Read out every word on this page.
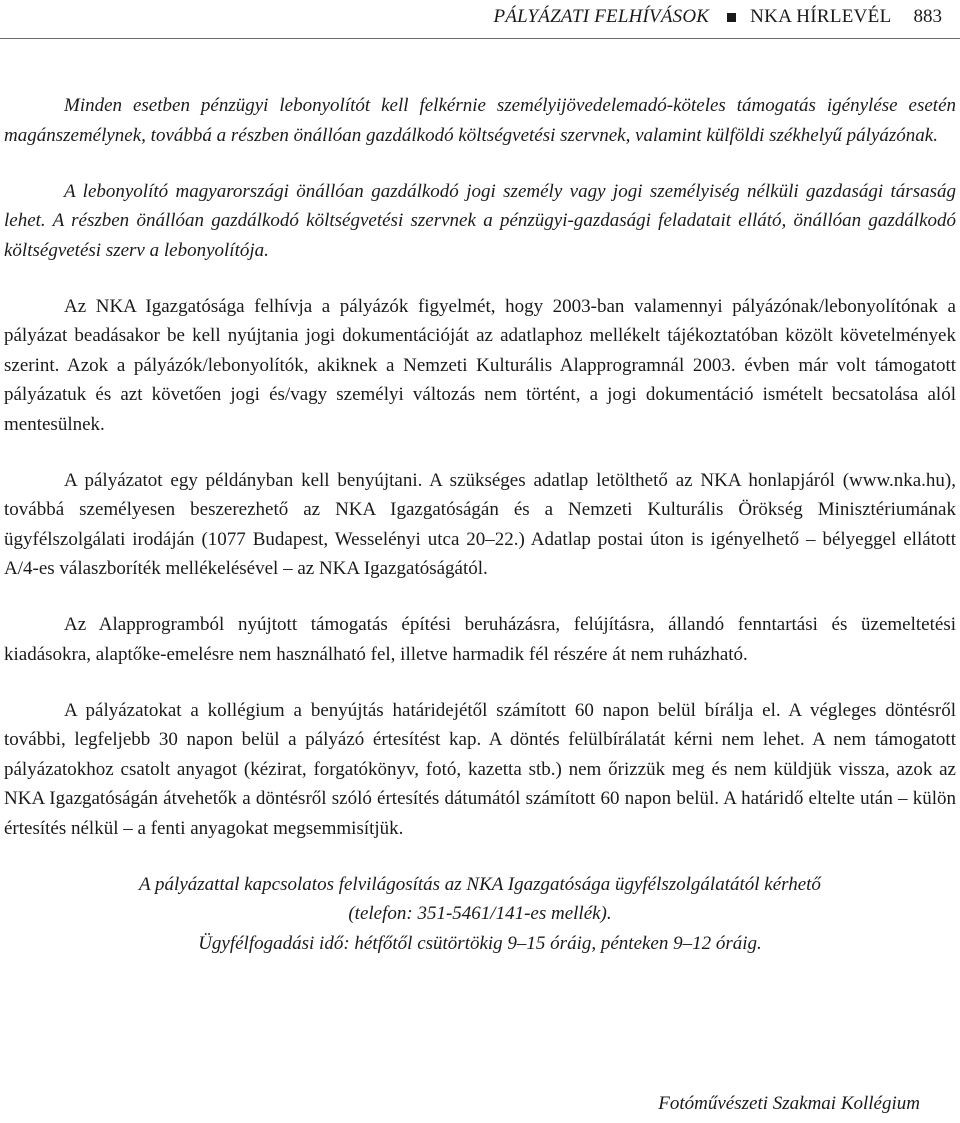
PÁLYÁZATI FELHÍVÁSOK NKA HÍRLEVÉL 883

Minden esetben pénzügyi lebonyolítót kell felkérnie személyijövedelemadó-köteles támogatás igénylése esetén magánszemélynek, továbbá a részben önállóan gazdálkodó költségvetési szervnek, valamint külföldi székhelyű pályázónak.

A lebonyolító magyarországi önállóan gazdálkodó jogi személy vagy jogi személyiség nélküli gazdasági társaság lehet. A részben önállóan gazdálkodó költségvetési szervnek a pénzügyi-gazdasági feladatait ellátó, önállóan gazdálkodó költségvetési szerv a lebonyolítója.

Az NKA Igazgatósága felhívja a pályázók figyelmét, hogy 2003-ban valamennyi pályázónak/lebonyolítónak a pályázat beadásakor be kell nyújtania jogi dokumentációját az adatlaphoz mellékelt tájékoztatóban közölt követelmények szerint. Azok a pályázók/lebonyolítók, akiknek a Nemzeti Kulturális Alapprogramnál 2003. évben már volt támogatott pályázatuk és azt követően jogi és/vagy személyi változás nem történt, a jogi dokumentáció ismételt becsatolása alól mentesülnek.

A pályázatot egy példányban kell benyújtani. A szükséges adatlap letölthető az NKA honlapjáról (www.nka.hu), továbbá személyesen beszerezhető az NKA Igazgatóságán és a Nemzeti Kulturális Örökség Minisztériumának ügyfélszolgálati irodáján (1077 Budapest, Wesselényi utca 20–22.) Adatlap postai úton is igényelhető – bélyeggel ellátott A/4-es válaszboríték mellékelésével – az NKA Igazgatóságától.

Az Alapprogramból nyújtott támogatás építési beruházásra, felújításra, állandó fenntartási és üzemeltetési kiadásokra, alaptőke-emelésre nem használható fel, illetve harmadik fél részére át nem ruházható.

A pályázatokat a kollégium a benyújtás határidejétől számított 60 napon belül bírálja el. A végleges döntésről további, legfeljebb 30 napon belül a pályázó értesítést kap. A döntés felülbírálatát kérni nem lehet. A nem támogatott pályázatokhoz csatolt anyagot (kézirat, forgatókönyv, fotó, kazetta stb.) nem őrizzük meg és nem küldjük vissza, azok az NKA Igazgatóságán átvehetők a döntésről szóló értesítés dátumától számított 60 napon belül. A határidő eltelte után – külön értesítés nélkül – a fenti anyagokat megsemmisítjük.

A pályázattal kapcsolatos felvilágosítás az NKA Igazgatósága ügyfélszolgálatától kérhető

(telefon: 351-5461/141-es mellék).

Ügyfélfogadási idő: hétfőtől csütörtökig 9–15 óráig, pénteken 9–12 óráig.

Fotóművészeti Szakmai Kollégium
